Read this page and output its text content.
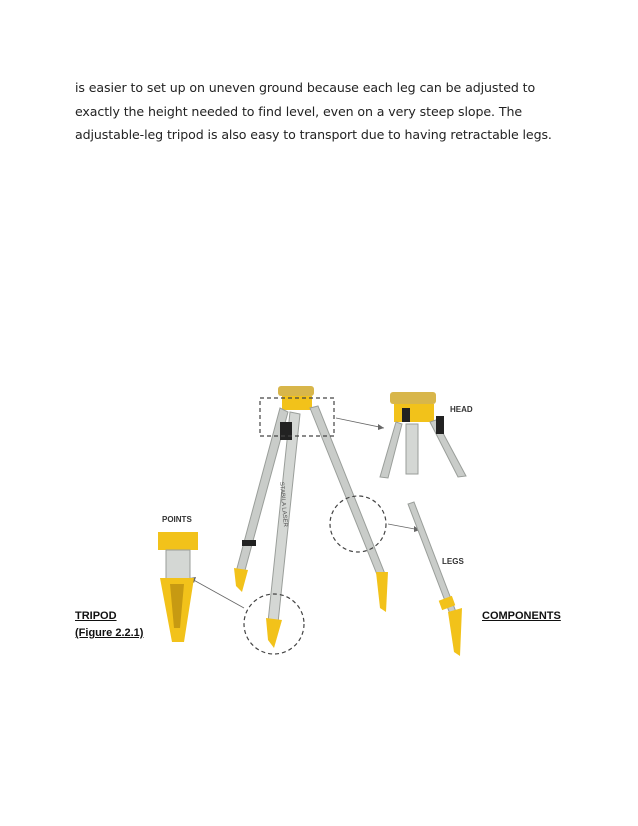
is easier to set up on uneven ground because each leg can be adjusted to
exactly the height needed to find level, even on a very steep slope. The
adjustable-leg tripod is also easy to transport due to having retractable legs.
STABILA LASER
HEAD
LEGS
POINTS
TRIPOD
(Figure 2.2.1)
COMPONENTS
